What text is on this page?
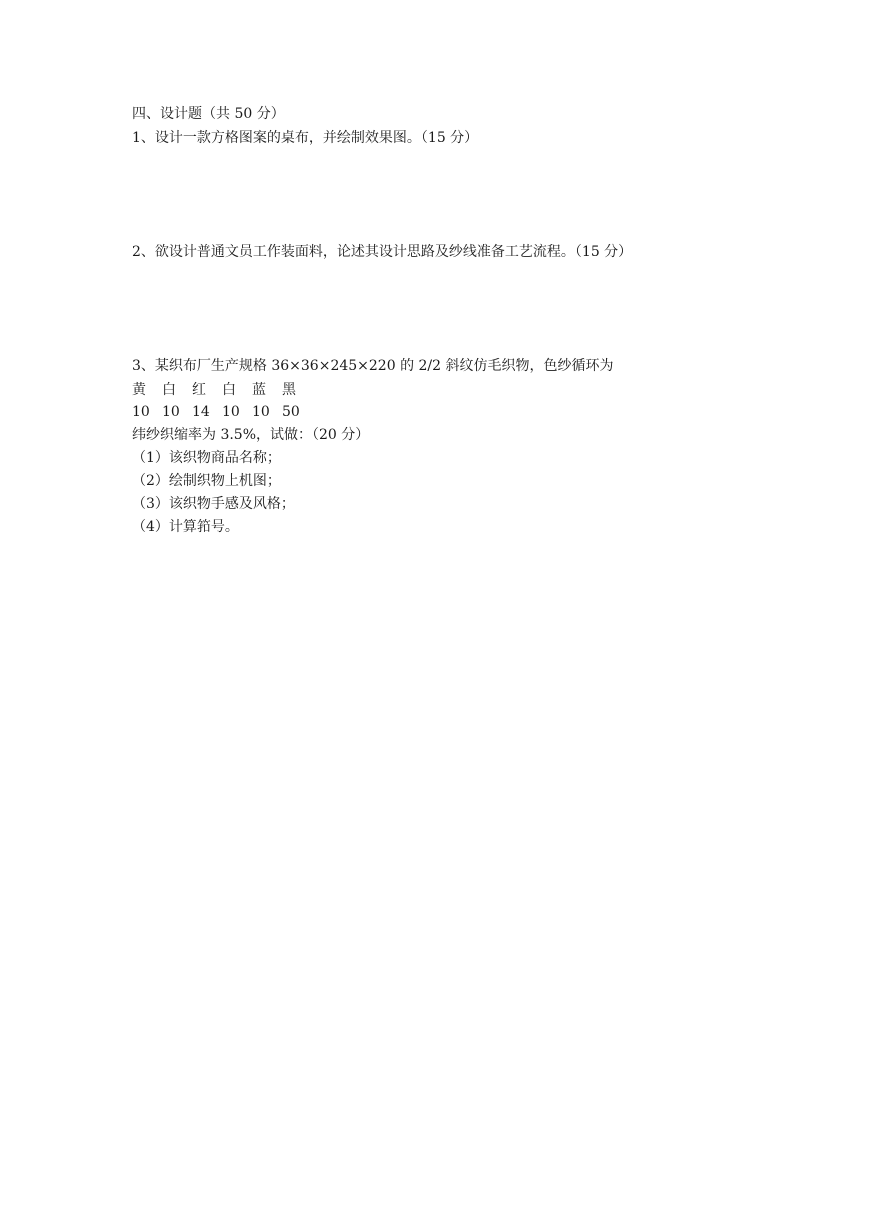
四、设计题（共 50 分）
1、设计一款方格图案的桌布，并绘制效果图。（15 分）
2、欲设计普通文员工作装面料，论述其设计思路及纱线准备工艺流程。（15 分）
3、某织布厂生产规格 36×36×245×220 的 2/2 斜纹仿毛织物，色纱循环为
黄 白 红 白 蓝 黑
10 10 14 10 10 50
纬纱织缩率为 3.5%，试做：（20 分）
（1）该织物商品名称；
（2）绘制织物上机图；
（3）该织物手感及风格；
（4）计算筘号。
